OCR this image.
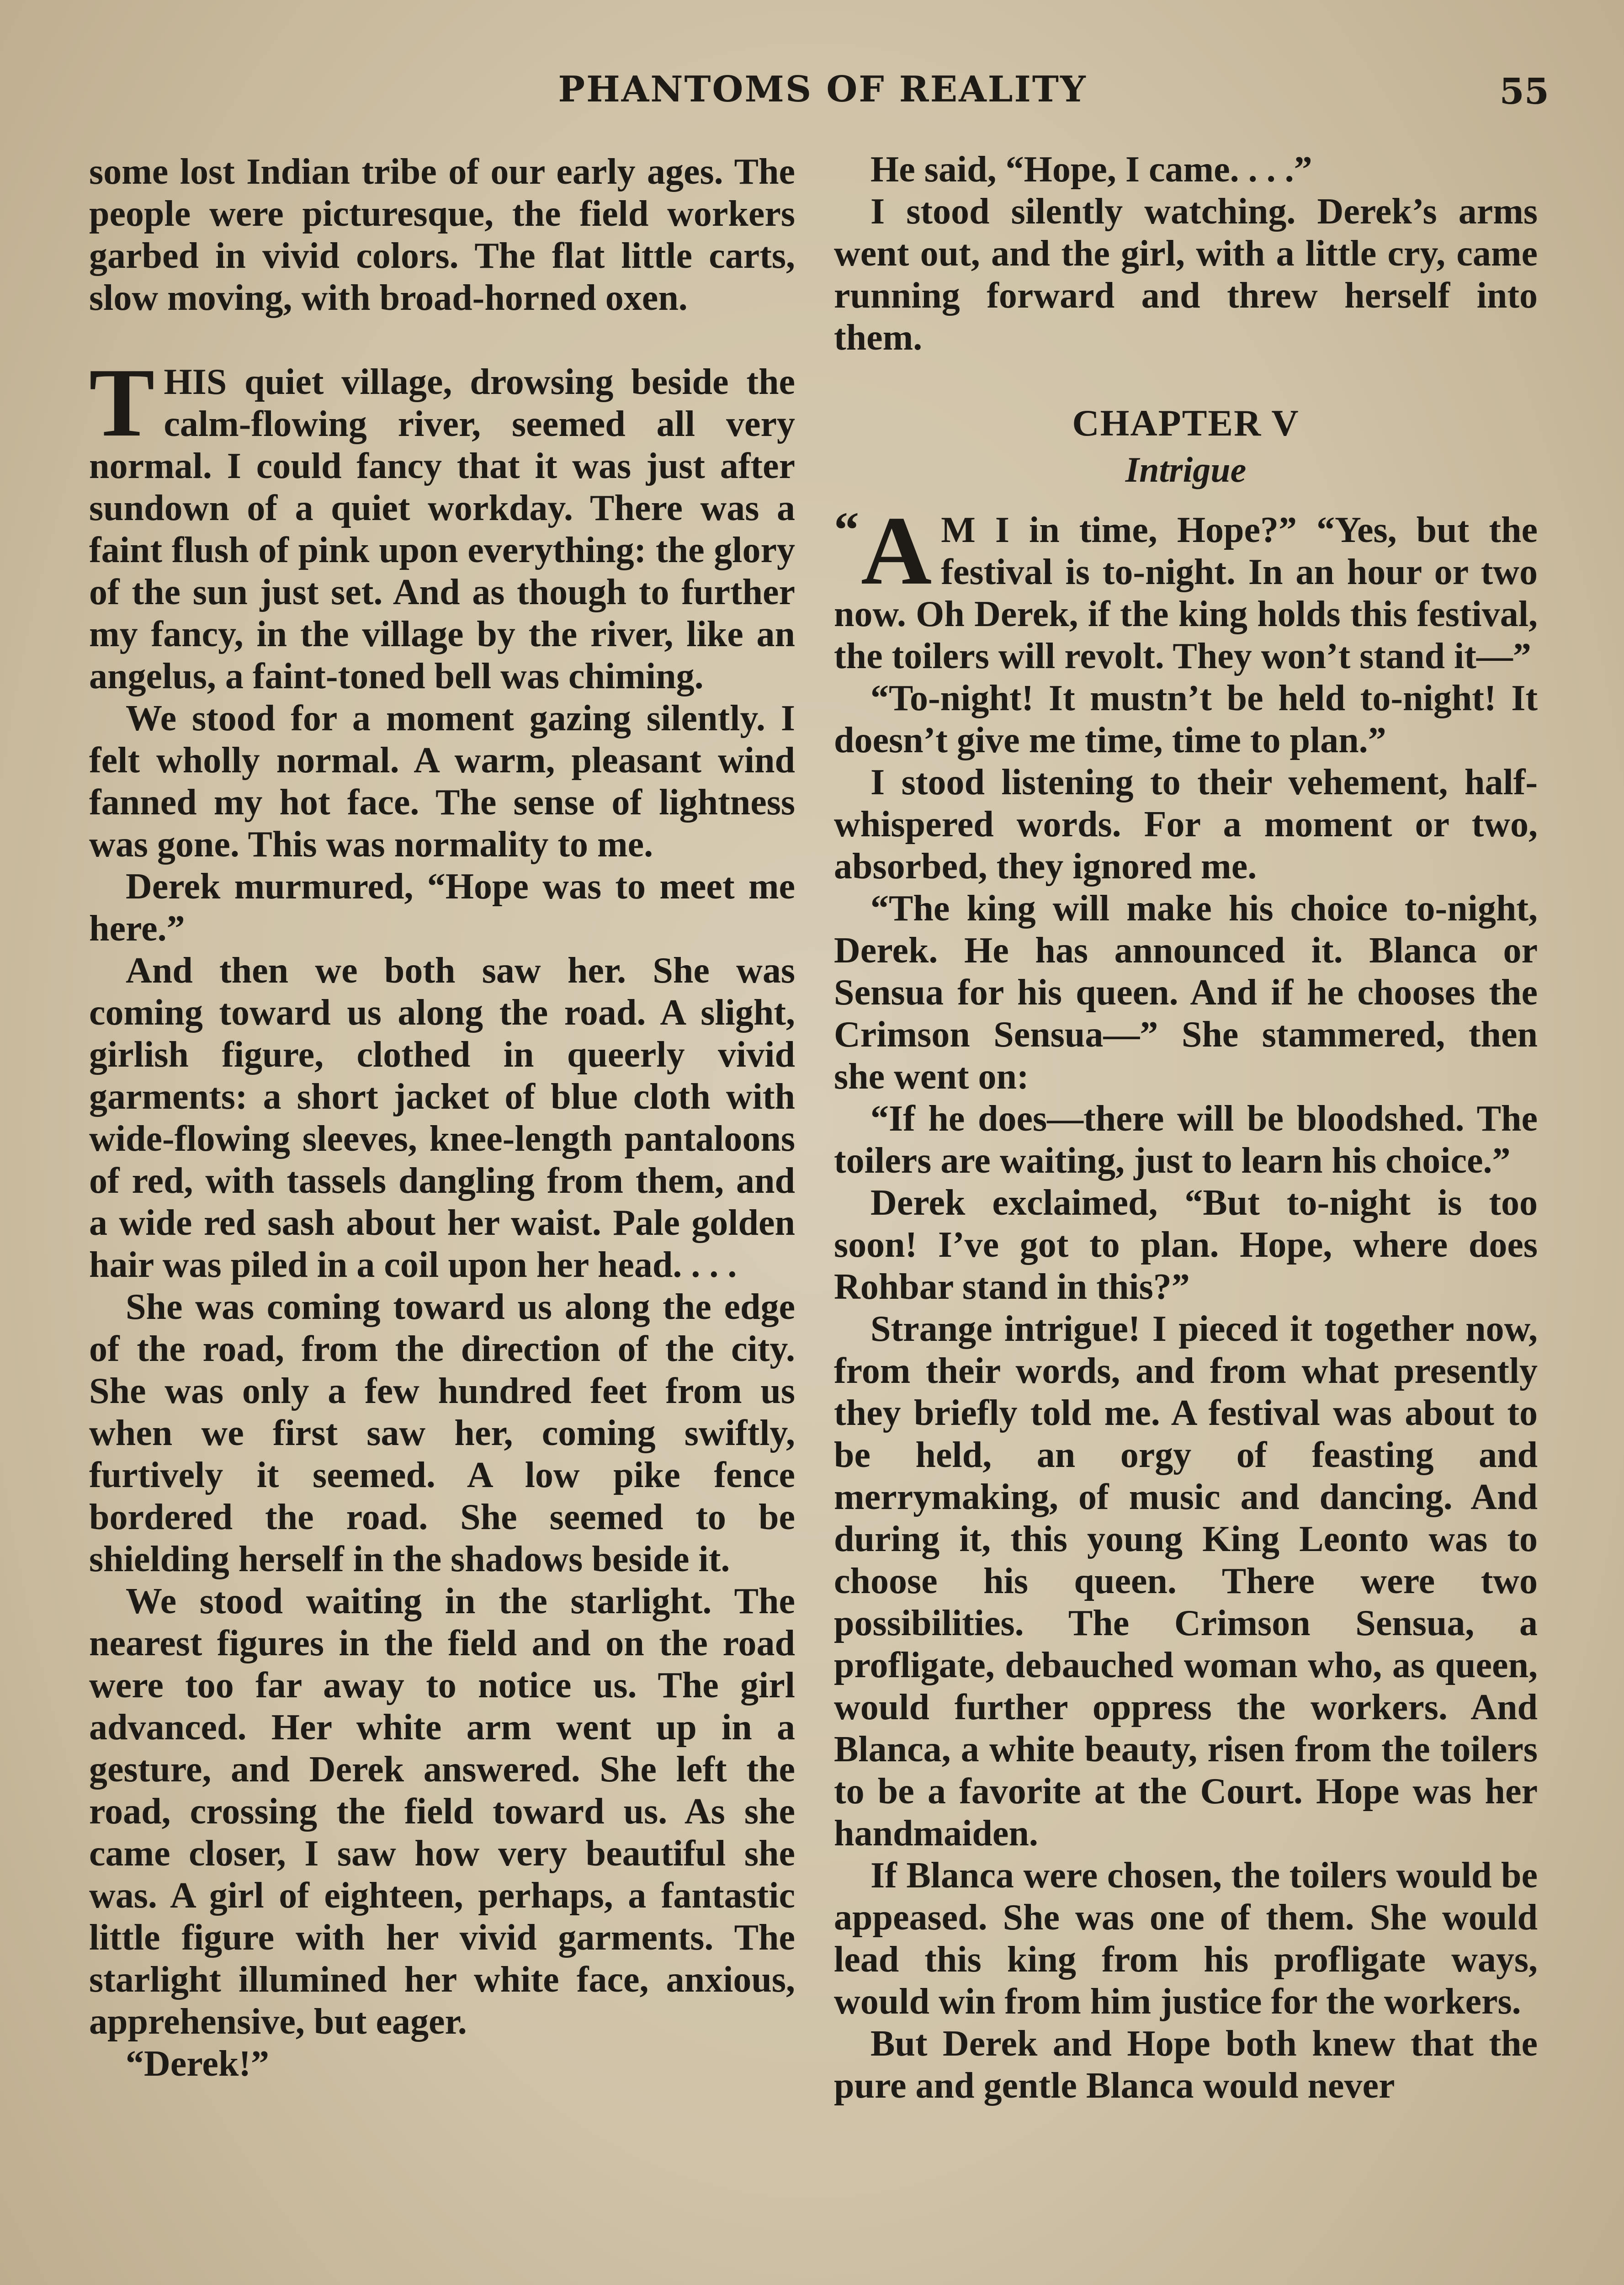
PHANTOMS OF REALITY	55

some lost Indian tribe of our early ages. The people were picturesque, the field workers garbed in vivid colors. The flat little carts, slow moving, with broad-horned oxen.

THIS quiet village, drowsing beside the calm-flowing river, seemed all very normal. I could fancy that it was just after sundown of a quiet workday. There was a faint flush of pink upon everything: the glory of the sun just set. And as though to further my fancy, in the village by the river, like an angelus, a faint-toned bell was chiming.

We stood for a moment gazing silently. I felt wholly normal. A warm, pleasant wind fanned my hot face. The sense of lightness was gone. This was normality to me.

Derek murmured, “Hope was to meet me here.”

And then we both saw her. She was coming toward us along the road. A slight, girlish figure, clothed in queerly vivid garments: a short jacket of blue cloth with wide-flowing sleeves, knee-length pantaloons of red, with tassels dangling from them, and a wide red sash about her waist. Pale golden hair was piled in a coil upon her head. . . .

She was coming toward us along the edge of the road, from the direction of the city. She was only a few hundred feet from us when we first saw her, coming swiftly, furtively it seemed. A low pike fence bordered the road. She seemed to be shielding herself in the shadows beside it.

We stood waiting in the starlight. The nearest figures in the field and on the road were too far away to notice us. The girl advanced. Her white arm went up in a gesture, and Derek answered. She left the road, crossing the field toward us. As she came closer, I saw how very beautiful she was. A girl of eighteen, perhaps, a fantastic little figure with her vivid garments. The starlight illumined her white face, anxious, apprehensive, but eager.

“Derek!”

He said, “Hope, I came. . . .”

I stood silently watching. Derek’s arms went out, and the girl, with a little cry, came running forward and threw herself into them.

CHAPTER V
Intrigue

“ A M I in time, Hope?” “Yes, but the festival is to-night. In an hour or two now. Oh Derek, if the king holds this festival, the toilers will revolt. They won’t stand it—”

“To-night! It mustn’t be held to-night! It doesn’t give me time, time to plan.”

I stood listening to their vehement, half-whispered words. For a moment or two, absorbed, they ignored me.

“The king will make his choice to-night, Derek. He has announced it. Blanca or Sensua for his queen. And if he chooses the Crimson Sensua—” She stammered, then she went on:

“If he does—there will be bloodshed. The toilers are waiting, just to learn his choice.”

Derek exclaimed, “But to-night is too soon! I’ve got to plan. Hope, where does Rohbar stand in this?”

Strange intrigue! I pieced it together now, from their words, and from what presently they briefly told me. A festival was about to be held, an orgy of feasting and merrymaking, of music and dancing. And during it, this young King Leonto was to choose his queen. There were two possibilities. The Crimson Sensua, a profligate, debauched woman who, as queen, would further oppress the workers. And Blanca, a white beauty, risen from the toilers to be a favorite at the Court. Hope was her handmaiden.

If Blanca were chosen, the toilers would be appeased. She was one of them. She would lead this king from his profligate ways, would win from him justice for the workers.

But Derek and Hope both knew that the pure and gentle Blanca would never
